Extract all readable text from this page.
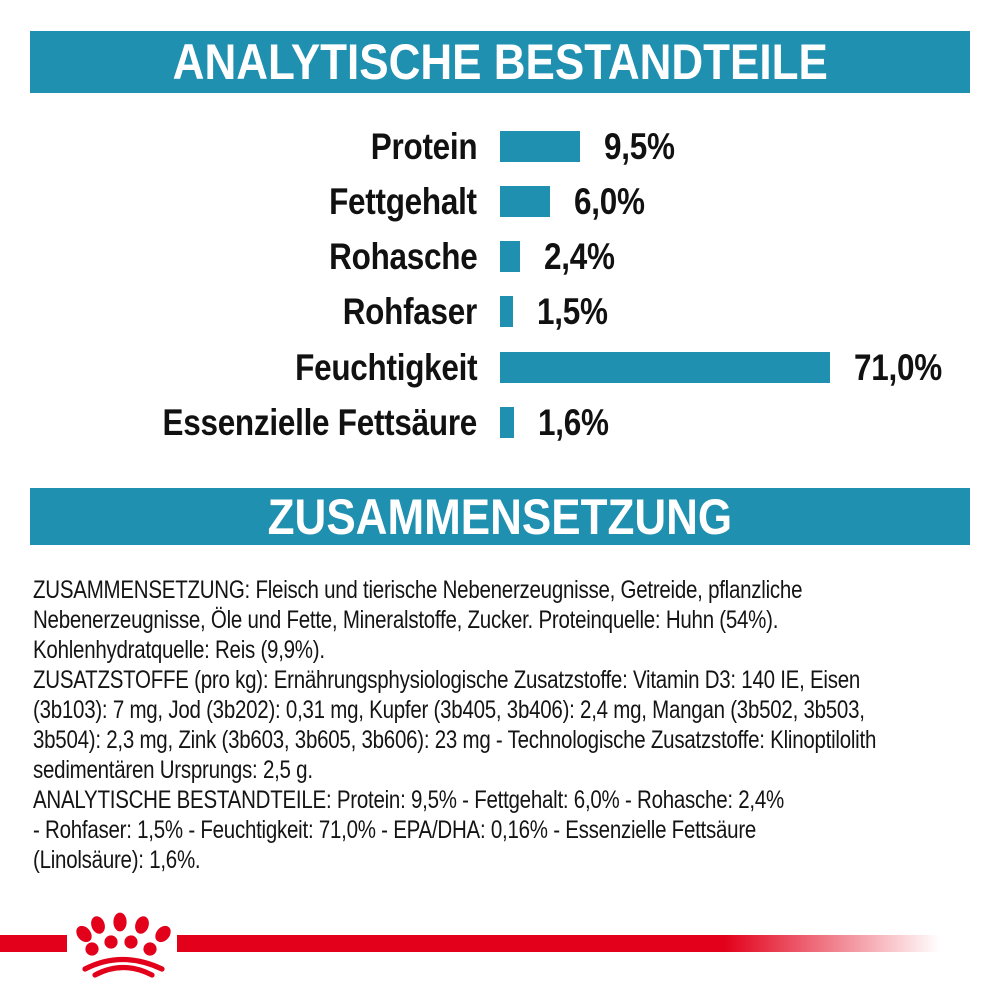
ANALYTISCHE BESTANDTEILE
Protein	9,5%
Fettgehalt	6,0%
Rohasche 2,4%
Rohfaser 1,5%
Feuchtigkeit	71,0%
Essenzielle Fettsäure 1,6%
ZUSAMMENSETZUNG
ZUSAMMENSETZUNG: Fleisch und tierische Nebenerzeugnisse, Getreide, pflanzliche
Nebenerzeugnisse, Öle und Fette, Mineralstoffe, Zucker. Proteinquelle: Huhn (54%).
Kohlenhydratquelle: Reis (9,9%).
ZUSATZSTOFFE (pro kg): Ernährungsphysiologische Zusatzstoffe: Vitamin D3: 140 IE, Eisen
(3b103): 7 mg, Jod (3b202): 0,31 mg, Kupfer (3b405, 3b406): 2,4 mg, Mangan (3b502, 3b503,
3b504): 2,3 mg, Zink (3b603, 3b605, 3b606): 23 mg - Technologische Zusatzstoffe: Klinoptilolith
sedimentären Ursprungs: 2,5 g.
ANALYTISCHE BESTANDTEILE: Protein: 9,5% - Fettgehalt: 6,0% - Rohasche: 2,4%
- Rohfaser: 1,5% - Feuchtigkeit: 71,0% - EPA/DHA: 0,16% - Essenzielle Fettsäure
(Linolsäure): 1,6%.
